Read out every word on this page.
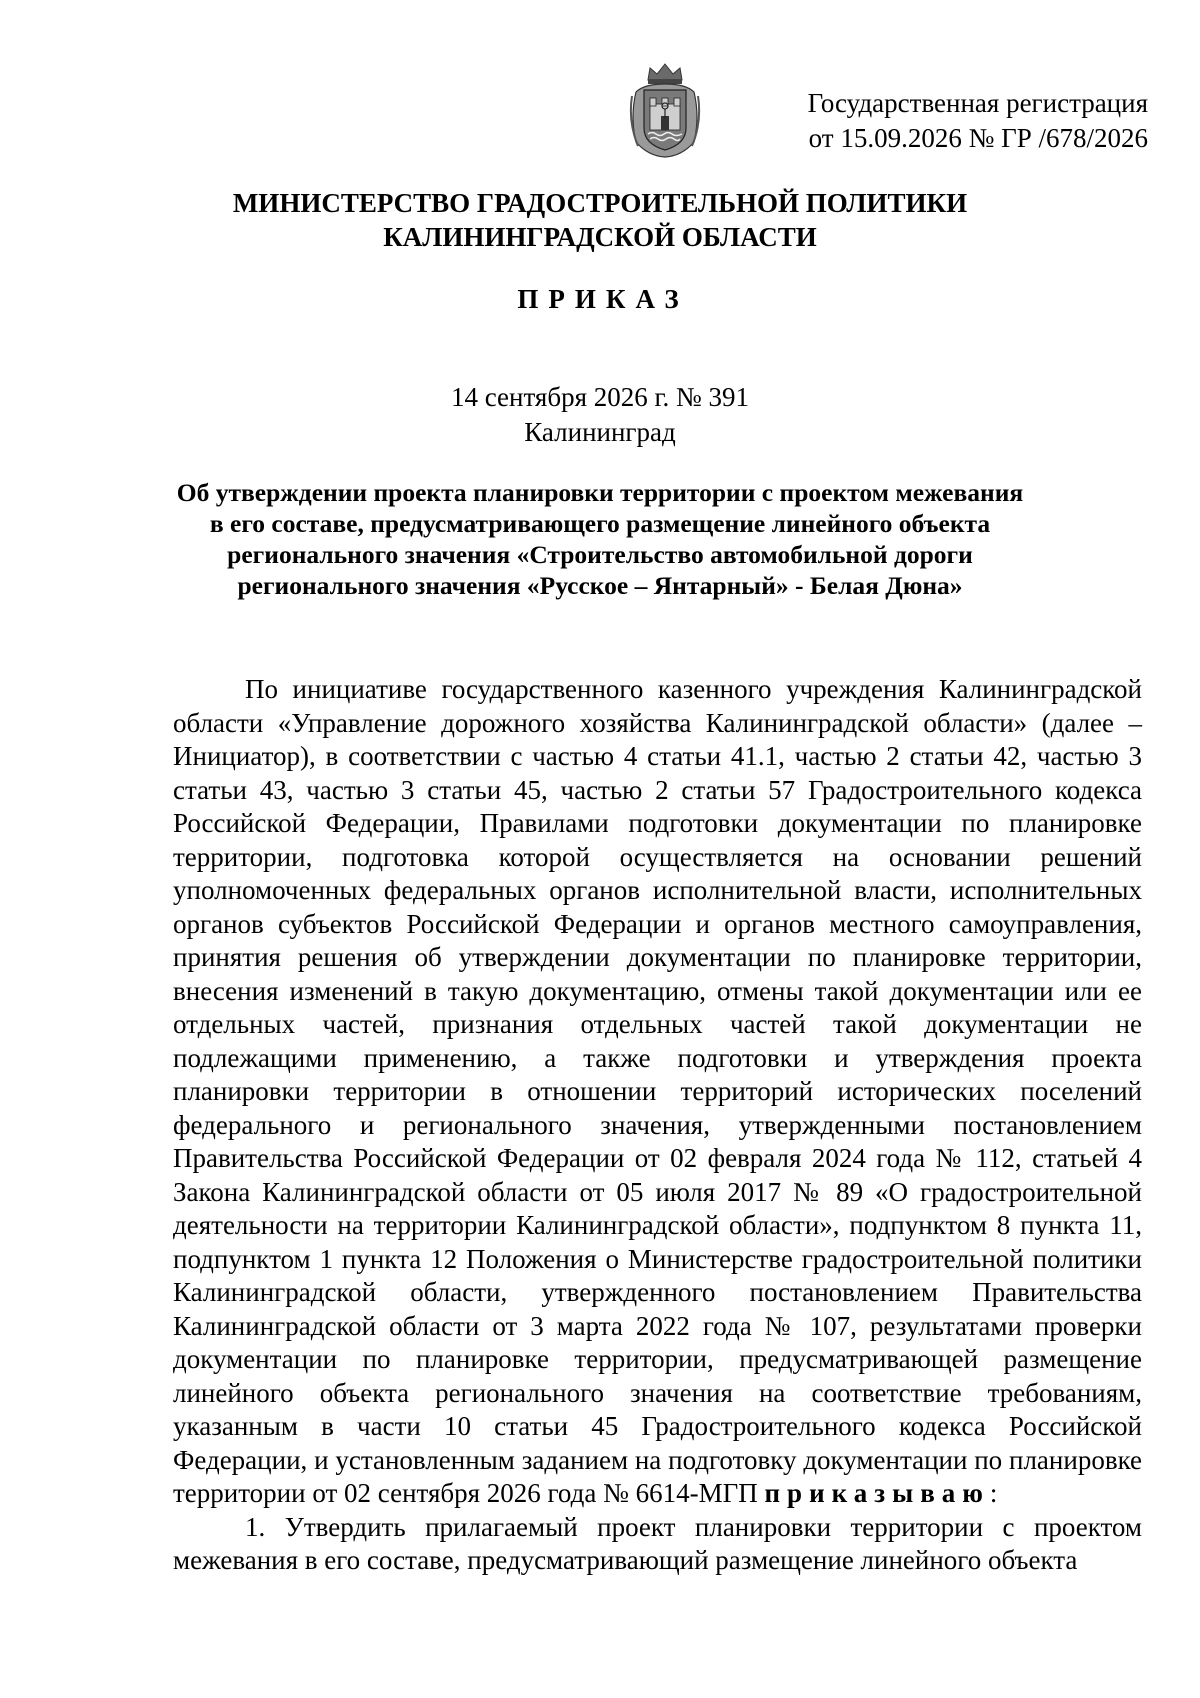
Государственная регистрация
от 15.09.2026 № ГР /678/2026
МИНИСТЕРСТВО ГРАДОСТРОИТЕЛЬНОЙ ПОЛИТИКИ
КАЛИНИНГРАДСКОЙ ОБЛАСТИ
ПРИКАЗ
14 сентября 2026 г. № 391
Калининград
Об утверждении проекта планировки территории с проектом межевания
в его составе, предусматривающего размещение линейного объекта
регионального значения «Строительство автомобильной дороги
регионального значения «Русское – Янтарный» - Белая Дюна»

По инициативе государственного казенного учреждения Калининградской области «Управление дорожного хозяйства Калининградской области» (далее – Инициатор), в соответствии с частью 4 статьи 41.1, частью 2 статьи 42, частью 3 статьи 43, частью 3 статьи 45, частью 2 статьи 57 Градостроительного кодекса Российской Федерации, Правилами подготовки документации по планировке территории, подготовка которой осуществляется на основании решений уполномоченных федеральных органов исполнительной власти, исполнительных органов субъектов Российской Федерации и органов местного самоуправления, принятия решения об утверждении документации по планировке территории, внесения изменений в такую документацию, отмены такой документации или ее отдельных частей, признания отдельных частей такой документации не подлежащими применению, а также подготовки и утверждения проекта планировки территории в отношении территорий исторических поселений федерального и регионального значения, утвержденными постановлением Правительства Российской Федерации от 02 февраля 2024 года № 112, статьей 4 Закона Калининградской области от 05 июля 2017 № 89 «О градостроительной деятельности на территории Калининградской области», подпунктом 8 пункта 11, подпунктом 1 пункта 12 Положения о Министерстве градостроительной политики Калининградской области, утвержденного постановлением Правительства Калининградской области от 3 марта 2022 года № 107, результатами проверки документации по планировке территории, предусматривающей размещение линейного объекта регионального значения на соответствие требованиям, указанным в части 10 статьи 45 Градостроительного кодекса Российской Федерации, и установленным заданием на подготовку документации по планировке территории от 02 сентября 2026 года № 6614-МГП приказываю:

1. Утвердить прилагаемый проект планировки территории с проектом межевания в его составе, предусматривающий размещение линейного объекта
